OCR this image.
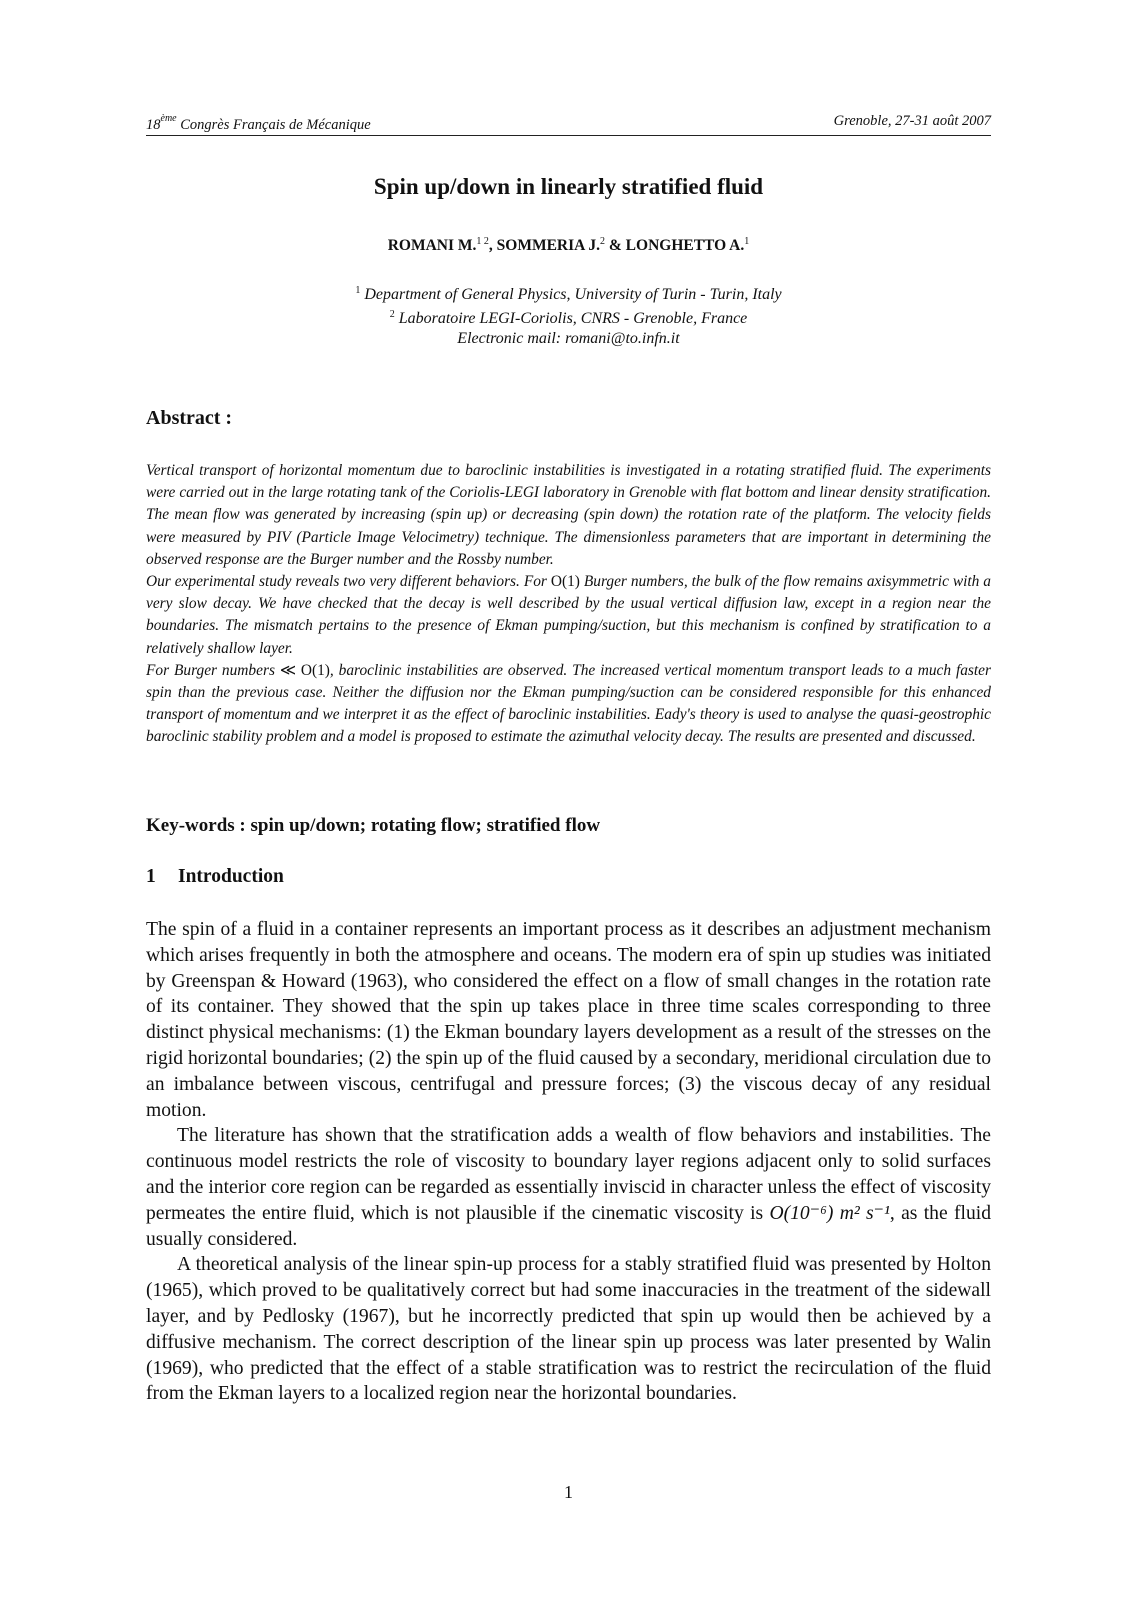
18ème Congrès Français de Mécanique	Grenoble, 27-31 août 2007
Spin up/down in linearly stratified fluid
ROMANI M.$^{1 2}$, SOMMERIA J.$^2$ & LONGHETTO A.$^1$
$^1$ Department of General Physics, University of Turin - Turin, Italy
$^2$ Laboratoire LEGI-Coriolis, CNRS - Grenoble, France
Electronic mail: romani@to.infn.it
Abstract :

Vertical transport of horizontal momentum due to baroclinic instabilities is investigated in a rotating stratified fluid. The experiments were carried out in the large rotating tank of the Coriolis-LEGI laboratory in Grenoble with flat bottom and linear density stratification. The mean flow was generated by increasing (spin up) or decreasing (spin down) the rotation rate of the platform. The velocity fields were measured by PIV (Particle Image Velocimetry) technique. The dimensionless parameters that are important in determining the observed response are the Burger number and the Rossby number.

Our experimental study reveals two very different behaviors. For O(1) Burger numbers, the bulk of the flow remains axisymmetric with a very slow decay. We have checked that the decay is well described by the usual vertical diffusion law, except in a region near the boundaries. The mismatch pertains to the presence of Ekman pumping/suction, but this mechanism is confined by stratification to a relatively shallow layer.

For Burger numbers ≪ O(1), baroclinic instabilities are observed. The increased vertical momentum transport leads to a much faster spin than the previous case. Neither the diffusion nor the Ekman pumping/suction can be considered responsible for this enhanced transport of momentum and we interpret it as the effect of baroclinic instabilities. Eady's theory is used to analyse the quasi-geostrophic baroclinic stability problem and a model is proposed to estimate the azimuthal velocity decay. The results are presented and discussed.

Key-words : spin up/down; rotating flow; stratified flow
1 Introduction

The spin of a fluid in a container represents an important process as it describes an adjustment mechanism which arises frequently in both the atmosphere and oceans. The modern era of spin up studies was initiated by Greenspan & Howard (1963), who considered the effect on a flow of small changes in the rotation rate of its container. They showed that the spin up takes place in three time scales corresponding to three distinct physical mechanisms: (1) the Ekman boundary layers development as a result of the stresses on the rigid horizontal boundaries; (2) the spin up of the fluid caused by a secondary, meridional circulation due to an imbalance between viscous, centrifugal and pressure forces; (3) the viscous decay of any residual motion.

The literature has shown that the stratification adds a wealth of flow behaviors and instabilities. The continuous model restricts the role of viscosity to boundary layer regions adjacent only to solid surfaces and the interior core region can be regarded as essentially inviscid in character unless the effect of viscosity permeates the entire fluid, which is not plausible if the cinematic viscosity is O(10⁻⁶) m² s⁻¹, as the fluid usually considered.

A theoretical analysis of the linear spin-up process for a stably stratified fluid was presented by Holton (1965), which proved to be qualitatively correct but had some inaccuracies in the treatment of the sidewall layer, and by Pedlosky (1967), but he incorrectly predicted that spin up would then be achieved by a diffusive mechanism. The correct description of the linear spin up process was later presented by Walin (1969), who predicted that the effect of a stable stratification was to restrict the recirculation of the fluid from the Ekman layers to a localized region near the horizontal boundaries.

1
